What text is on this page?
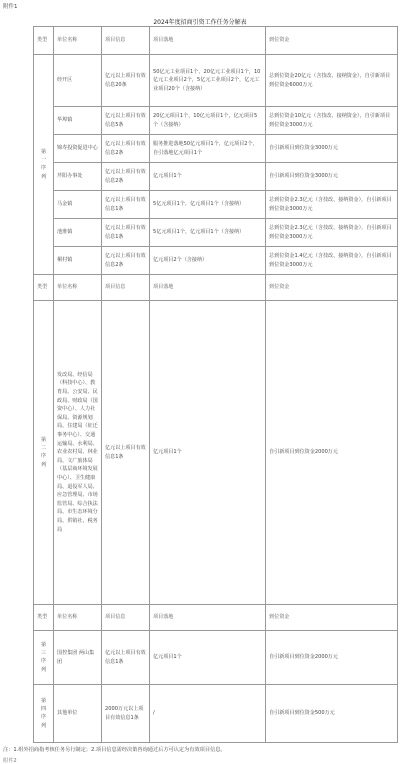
附件1
2024年度招商引资工作任务分解表
类型	单位名称	项目信息	项目落地	到位资金
第一序列	经开区	亿元以上项目有效信息20条	50亿元工业项目1个，20亿元工业项目1个，10亿元工业项目2个，5亿元工业项目2个，亿元工业项目20个（含接纳）	总到位资金20亿元（含技改、接纳资金），自引新项目到位资金6000万元
	华埠镇	亿元以上项目有效信息5条	20亿元项目1个，10亿元项目1个，亿元项目5个（含接纳）	总到位资金10亿元（含技改、接纳资金），自引新项目到位资金3000万元
	锦寿投资促进中心	亿元以上项目有效信息2条	服务推进落地50亿元项目1个，亿元项目2个，自引落地亿元项目1个	自引新项目到位资金3000万元
	芹阳办事处	亿元以上项目有效信息2条	亿元项目1个	自引新项目到位资金3000万元
	马金镇	亿元以上项目有效信息1条	5亿元项目1个，亿元项目1个（含接纳）	总到位资金2.3亿元（含技改、接纳资金），自引新项目到位资金3000万元
	池淮镇	亿元以上项目有效信息1条	5亿元项目1个，亿元项目1个（含接纳）	总到位资金2.3亿元（含技改、接纳资金），自引新项目到位资金3000万元
	桐村镇	亿元以上项目有效信息2条	亿元项目2个（含接纳）	总到位资金1.4亿元（含技改、接纳资金），自引新项目到位资金3000万元
类型	单位名称	项目信息	项目落地	到位资金
第二序列	发改局、经信局（科技中心）、教育局、公安局、民政局、财政局（国资中心）、人力社保局、资源规划局、住建局（征迁事务中心）、交通运输局、水利局、农业农村局、林业局、文广旅体局（基层商环境发展中心）、卫生健康局、退役军人局、应急管理局、市场监管局、综合执法局、市生态环境分局、供销社、税务局	亿元以上项目有效信息1条	亿元项目1个	自引新项目到位资金2000万元
类型	单位名称	项目信息	项目落地	到位资金
第三序列	国控集团 两山集团	亿元以上项目有效信息1条	亿元项目1个	自引新项目到位资金2000万元
第四序列	其他单位	2000万元以上项目有效信息1条	/	自引新项目到位资金500万元
注：1.组外招商指考核任务另行制定；2.项目信息需经决策咨询通过后方可认定为有效项目信息。
附件2
